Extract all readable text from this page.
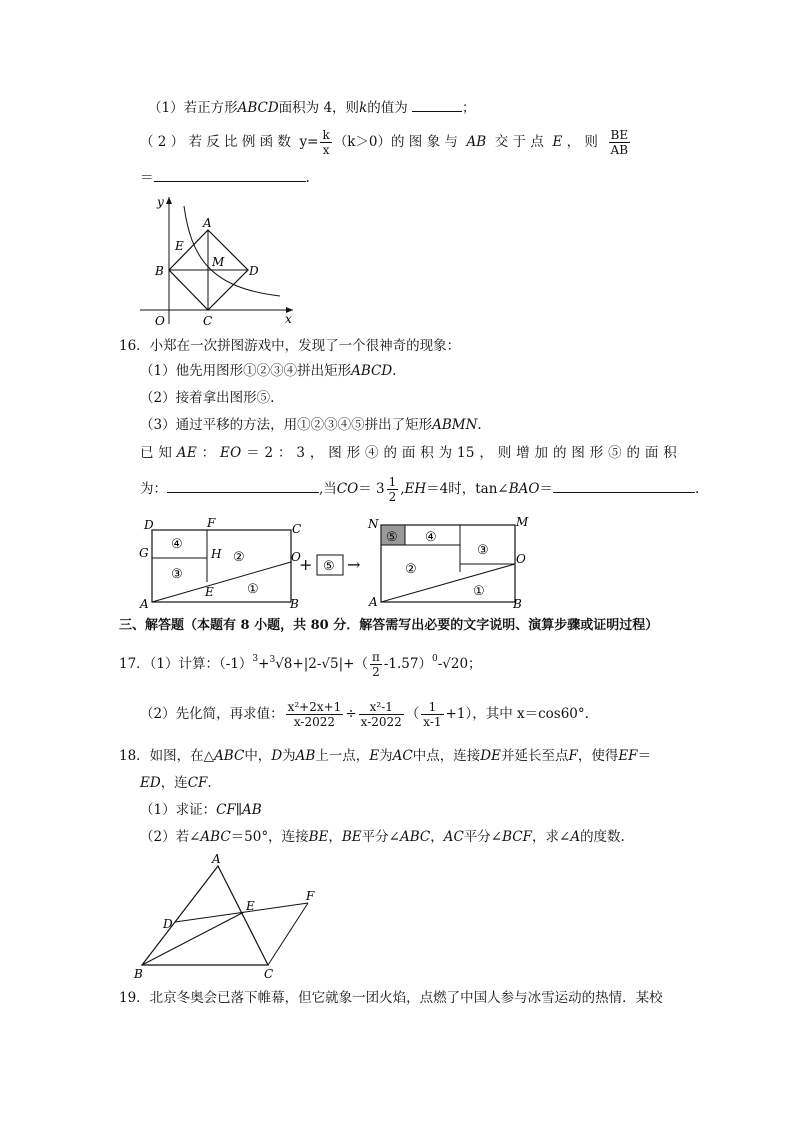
（1）若正方形ABCD面积为 4，则k的值为	；
（ 2 ） 若 反 比 例 函 数 $y= \frac{k}{x} (k>0)$的 图 象 与 AB 交 于 点 E ， 则 $\frac{BE}{AB}$
＝	.
y
x
A
B
C
D
E
M
O
16．小郑在一次拼图游戏中，发现了一个很神奇的现象：
（1）他先用图形①②③④拼出矩形ABCD.
（2）接着拿出图形⑤.
（3）通过平移的方法，用①②③④⑤拼出了矩形ABMN.
已 知 AE ： EO ＝ 2 ： 3 ， 图 形 ④ 的 面 积 为 15 ， 则 增 加 的 图 形 ⑤ 的 面 积
为：	,当$CO= 3 \frac{1}{2} ,EH=4$时，tan∠BAO＝	.
D	F	C
G	H	O
E
A	B
④
②
③
①
+ ⑤ →
N	M
O
A	B
⑤ ④
③
②
①
三、解答题（本题有 8 小题，共 80 分．解答需写出必要的文字说明、演算步骤或证明过程）
17．（1）计算：$(-1)^3+^3√8+|2-√5|+( \frac{\pi}{2} -1.57)^0-√20$；
（2）先化简，再求值： $\frac{\text{x²+2x+1}}{x-2022} \div \frac{\text{x²-1}}{x-2022}$ （ $\frac{1}{x-1} +1$），其中 x＝cos60°.
18．如图，在△ABC中，D为AB上一点，E为AC中点，连接DE并延长至点F，使得EF＝
ED，连CF.
（1）求证：CF∥AB
（2）若∠ABC＝50°，连接BE，BE平分∠ABC，AC平分∠BCF，求∠A的度数.
A
D
E
F
B	C
19．北京冬奥会已落下帷幕，但它就象一团火焰，点燃了中国人参与冰雪运动的热情．某校
